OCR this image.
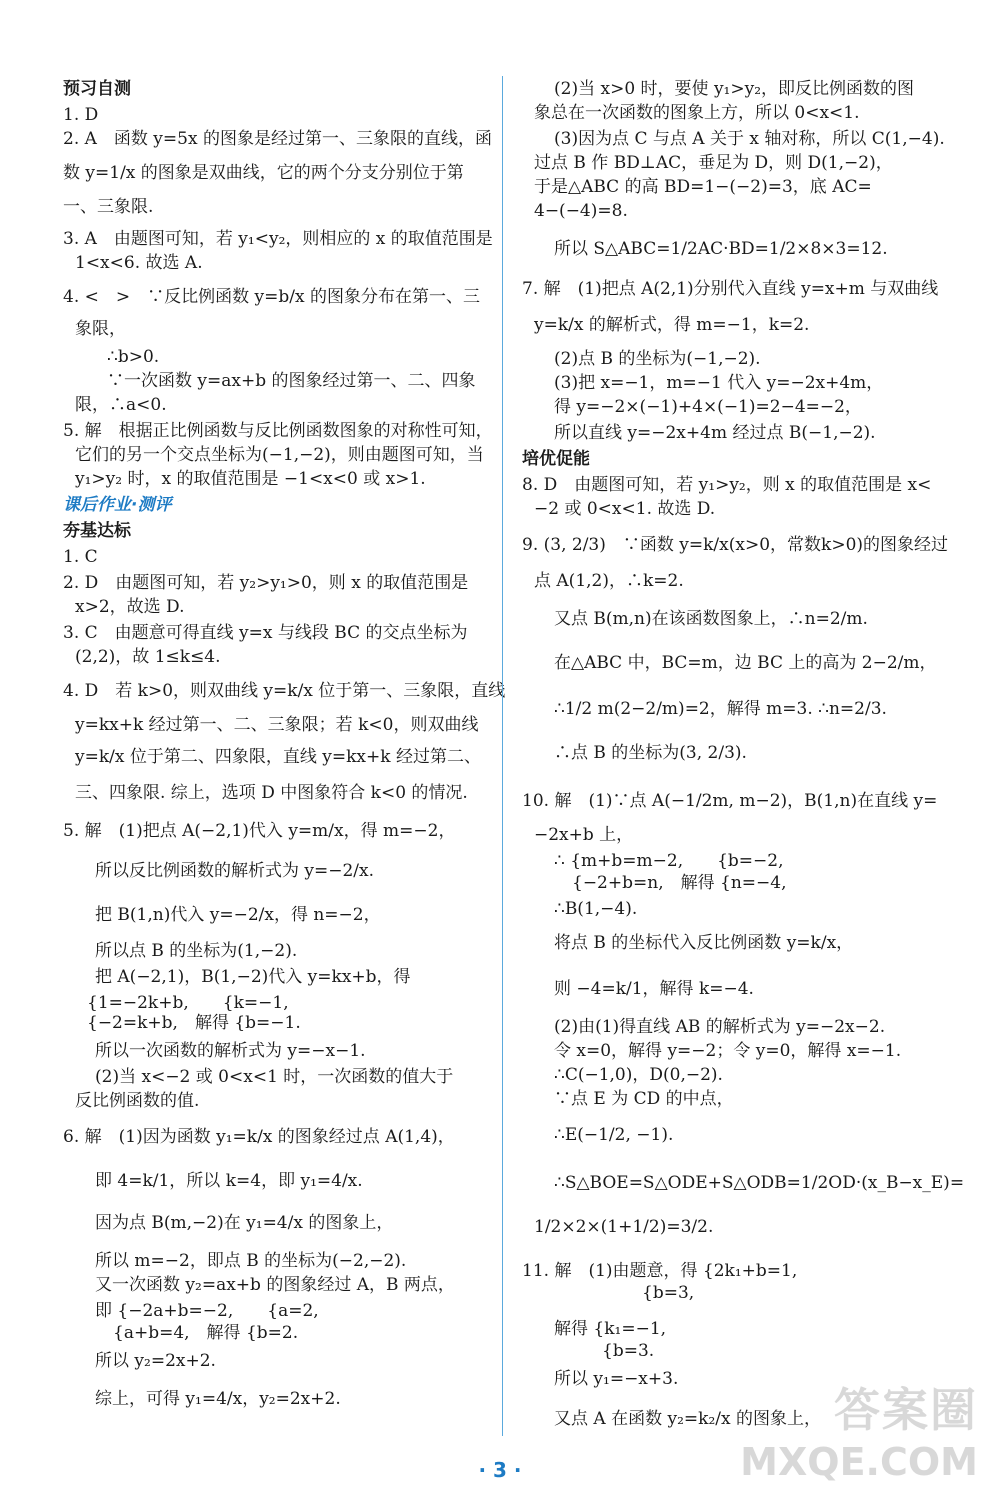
预习自测
1. D
2. A　函数 y=5x 的图象是经过第一、三象限的直线，函
数 y=1/x 的图象是双曲线，它的两个分支分别位于第
一、三象限.
3. A　由题图可知，若 y₁<y₂，则相应的 x 的取值范围是
1<x<6. 故选 A.
4. <　>　∵反比例函数 y=b/x 的图象分布在第一、三
象限，
∴b>0.
∵一次函数 y=ax+b 的图象经过第一、二、四象
限，∴a<0.
5. 解　根据正比例函数与反比例函数图象的对称性可知，
它们的另一个交点坐标为(−1,−2)，则由题图可知，当
y₁>y₂ 时，x 的取值范围是 −1<x<0 或 x>1.
课后作业·测评
夯基达标
1. C
2. D　由题图可知，若 y₂>y₁>0，则 x 的取值范围是
x>2，故选 D.
3. C　由题意可得直线 y=x 与线段 BC 的交点坐标为
(2,2)，故 1≤k≤4.
4. D　若 k>0，则双曲线 y=k/x 位于第一、三象限，直线
y=kx+k 经过第一、二、三象限；若 k<0，则双曲线
y=k/x 位于第二、四象限，直线 y=kx+k 经过第二、
三、四象限. 综上，选项 D 中图象符合 k<0 的情况.
5. 解　(1)把点 A(−2,1)代入 y=m/x，得 m=−2，
所以反比例函数的解析式为 y=−2/x.
把 B(1,n)代入 y=−2/x，得 n=−2，
所以点 B 的坐标为(1,−2).
把 A(−2,1)，B(1,−2)代入 y=kx+b，得
{1=−2k+b,　　{k=−1,
{−2=k+b,　解得 {b=−1.
所以一次函数的解析式为 y=−x−1.
(2)当 x<−2 或 0<x<1 时，一次函数的值大于
反比例函数的值.
6. 解　(1)因为函数 y₁=k/x 的图象经过点 A(1,4)，
即 4=k/1，所以 k=4，即 y₁=4/x.
因为点 B(m,−2)在 y₁=4/x 的图象上，
所以 m=−2，即点 B 的坐标为(−2,−2).
又一次函数 y₂=ax+b 的图象经过 A，B 两点，
即 {−2a+b=−2,　　{a=2,
{a+b=4,　解得 {b=2.
所以 y₂=2x+2.
综上，可得 y₁=4/x，y₂=2x+2.
(2)当 x>0 时，要使 y₁>y₂，即反比例函数的图
象总在一次函数的图象上方，所以 0<x<1.
(3)因为点 C 与点 A 关于 x 轴对称，所以 C(1,−4).
过点 B 作 BD⊥AC，垂足为 D，则 D(1,−2)，
于是△ABC 的高 BD=1−(−2)=3，底 AC=
4−(−4)=8.
所以 S△ABC=1/2AC·BD=1/2×8×3=12.
7. 解　(1)把点 A(2,1)分别代入直线 y=x+m 与双曲线
y=k/x 的解析式，得 m=−1，k=2.
(2)点 B 的坐标为(−1,−2).
(3)把 x=−1，m=−1 代入 y=−2x+4m，
得 y=−2×(−1)+4×(−1)=2−4=−2，
所以直线 y=−2x+4m 经过点 B(−1,−2).
培优促能
8. D　由题图可知，若 y₁>y₂，则 x 的取值范围是 x<
−2 或 0<x<1. 故选 D.
9. (3, 2/3)　∵函数 y=k/x(x>0，常数k>0)的图象经过
点 A(1,2)，∴k=2.
又点 B(m,n)在该函数图象上，∴n=2/m.
在△ABC 中，BC=m，边 BC 上的高为 2−2/m，
∴1/2 m(2−2/m)=2，解得 m=3. ∴n=2/3.
∴点 B 的坐标为(3, 2/3).
10. 解　(1)∵点 A(−1/2m, m−2)，B(1,n)在直线 y=
−2x+b 上，
∴ {m+b=m−2,　　{b=−2,
{−2+b=n,　解得 {n=−4,
∴B(1,−4).
将点 B 的坐标代入反比例函数 y=k/x，
则 −4=k/1，解得 k=−4.
(2)由(1)得直线 AB 的解析式为 y=−2x−2.
令 x=0，解得 y=−2；令 y=0，解得 x=−1.
∴C(−1,0)，D(0,−2).
∵点 E 为 CD 的中点，
∴E(−1/2, −1).
∴S△BOE=S△ODE+S△ODB=1/2OD·(x_B−x_E)=
1/2×2×(1+1/2)=3/2.
11. 解　(1)由题意，得 {2k₁+b=1,
{b=3,
解得 {k₁=−1,
{b=3.
所以 y₁=−x+3.
又点 A 在函数 y₂=k₂/x 的图象上，
· 3 ·
答案圈
MXQE.COM
